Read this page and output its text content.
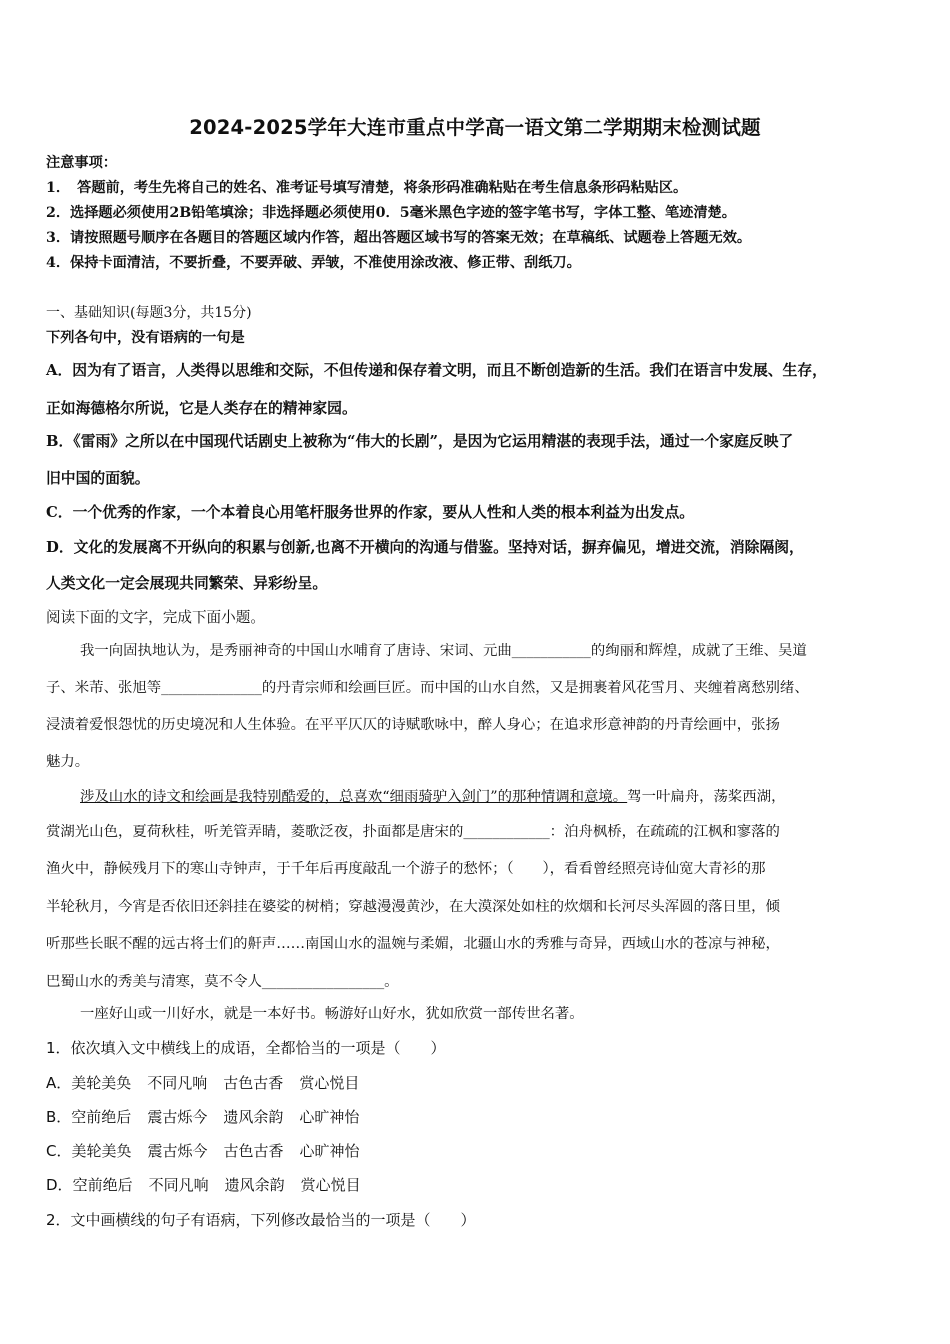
2024-2025学年大连市重点中学高一语文第二学期期末检测试题
注意事项：
1．　答题前，考生先将自己的姓名、准考证号填写清楚，将条形码准确粘贴在考生信息条形码粘贴区。
2．选择题必须使用2B铅笔填涂；非选择题必须使用0．5毫米黑色字迹的签字笔书写，字体工整、笔迹清楚。
3．请按照题号顺序在各题目的答题区域内作答，超出答题区域书写的答案无效；在草稿纸、试题卷上答题无效。
4．保持卡面清洁，不要折叠，不要弄破、弄皱，不准使用涂改液、修正带、刮纸刀。
一、基础知识(每题3分，共15分)
下列各句中，没有语病的一句是
A．因为有了语言，人类得以思维和交际，不但传递和保存着文明，而且不断创造新的生活。我们在语言中发展、生存，
正如海德格尔所说，它是人类存在的精神家园。
B．《雷雨》之所以在中国现代话剧史上被称为“伟大的长剧”，是因为它运用精湛的表现手法，通过一个家庭反映了
旧中国的面貌。
C．一个优秀的作家，一个本着良心用笔杆服务世界的作家，要从人性和人类的根本利益为出发点。
D．文化的发展离不开纵向的积累与创新,也离不开横向的沟通与借鉴。坚持对话，摒弃偏见，增进交流，消除隔阂，
人类文化一定会展现共同繁荣、异彩纷呈。
阅读下面的文字，完成下面小题。
我一向固执地认为，是秀丽神奇的中国山水哺育了唐诗、宋词、元曲___________的绚丽和辉煌，成就了王维、吴道
子、米芾、张旭等______________的丹青宗师和绘画巨匠。而中国的山水自然，又是拥裹着风花雪月、夹缠着离愁别绪、
浸渍着爱恨怨忧的历史境况和人生体验。在平平仄仄的诗赋歌咏中，醉人身心；在追求形意神韵的丹青绘画中，张扬
魅力。
涉及山水的诗文和绘画是我特别酷爱的，总喜欢“细雨骑驴入剑门”的那种情调和意境。驾一叶扁舟，荡桨西湖，
赏湖光山色，夏荷秋桂，听羌管弄睛，菱歌泛夜，扑面都是唐宋的____________：泊舟枫桥，在疏疏的江枫和寥落的
渔火中，静候残月下的寒山寺钟声，于千年后再度敲乱一个游子的愁怀；（　　），看看曾经照亮诗仙宽大青衫的那
半轮秋月，今宵是否依旧还斜挂在婆娑的树梢；穿越漫漫黄沙，在大漠深处如柱的炊烟和长河尽头浑圆的落日里，倾
听那些长眠不醒的远古将士们的鼾声……南国山水的温婉与柔媚，北疆山水的秀雅与奇异，西域山水的苍凉与神秘，
巴蜀山水的秀美与清寒，莫不令人_________________。
一座好山或一川好水，就是一本好书。畅游好山好水，犹如欣赏一部传世名著。
1．依次填入文中横线上的成语，全都恰当的一项是（　　）
A．美轮美奂 不同凡响 古色古香 赏心悦目
B．空前绝后 震古烁今 遗风余韵 心旷神怡
C．美轮美奂 震古烁今 古色古香 心旷神怡
D．空前绝后 不同凡响 遗风余韵 赏心悦目
2．文中画横线的句子有语病，下列修改最恰当的一项是（　　）
